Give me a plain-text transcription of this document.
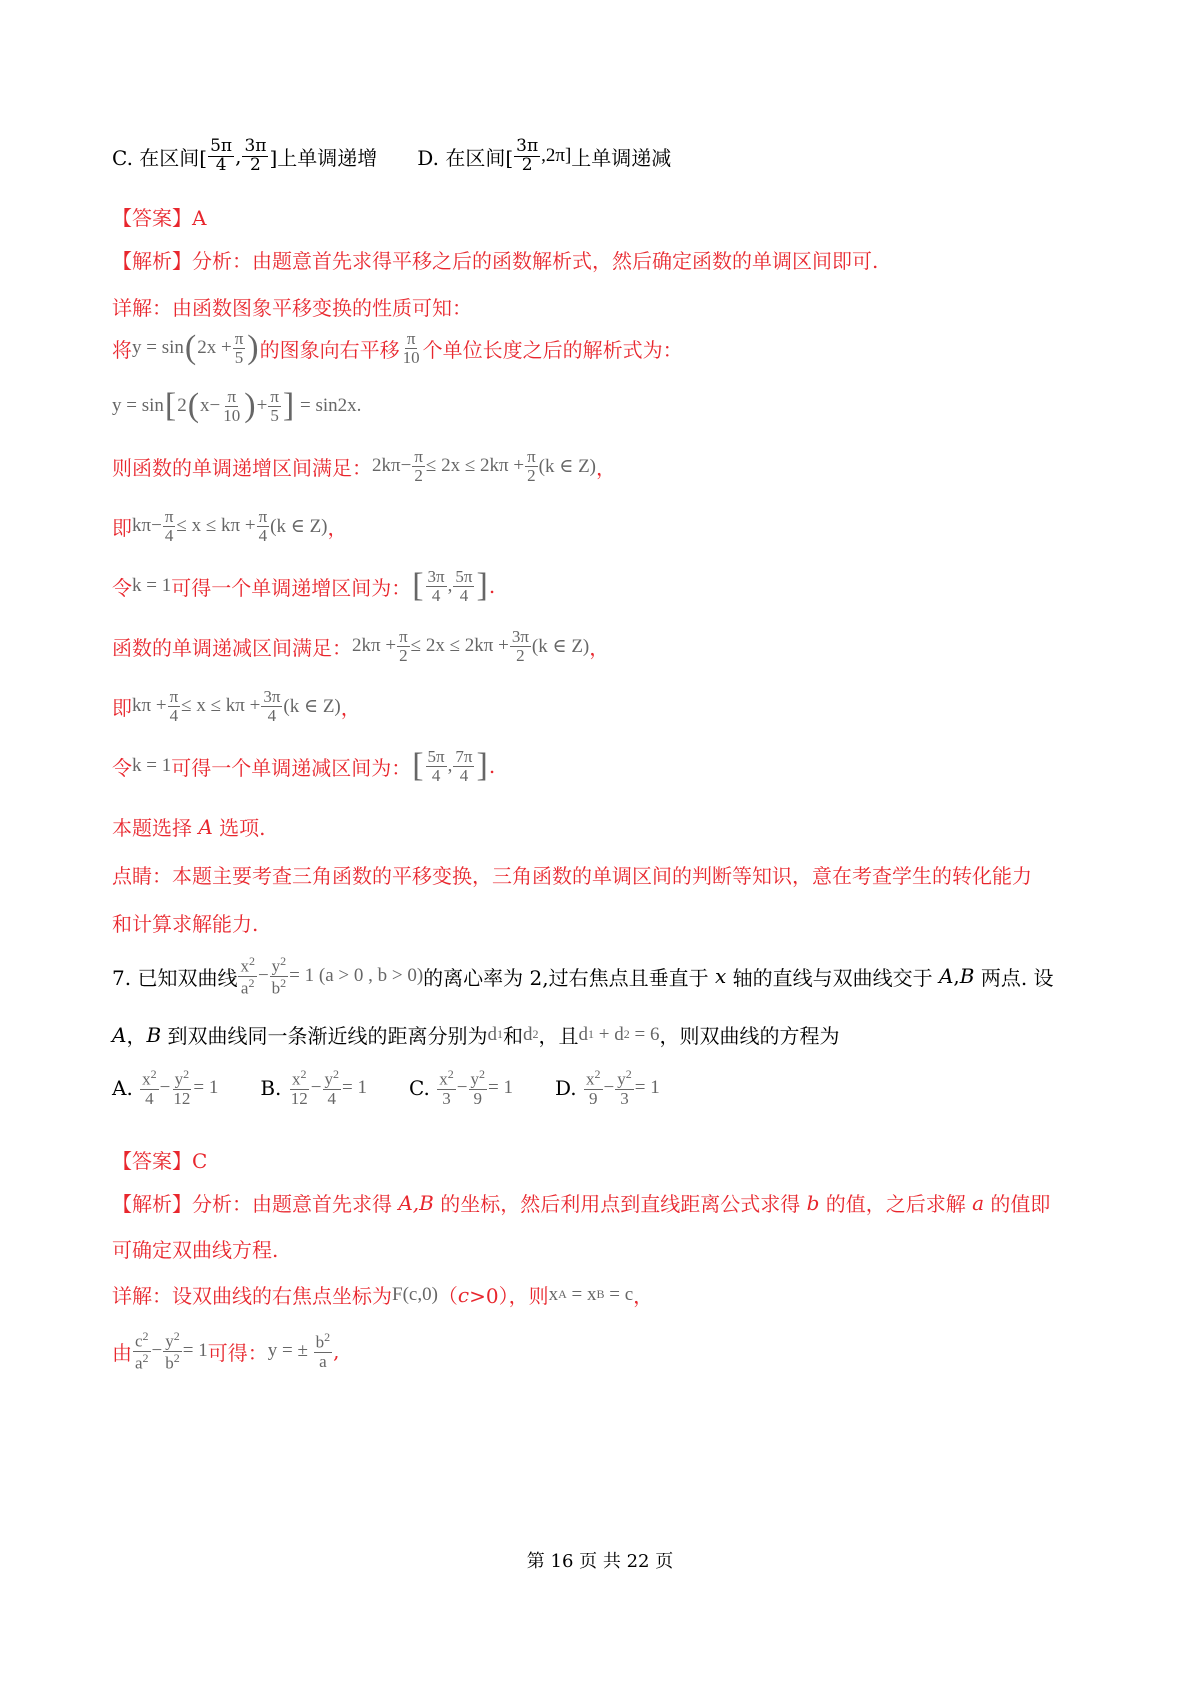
C. 在区间[ $\frac{5\pi}{4}$ , $\frac{3\pi}{2}$ ]上单调递增 D. 在区间[ $\frac{3\pi}{2} ,2\pi$] 上单调递减
【答案】A
【解析】 分析：由题意首先求得平移之后的函数解析式，然后确定函数的单调区间即可.
详解：由函数图象平移变换的性质可知：
将 y = sin ( $2x + \frac{\pi}{5}$ ) 的图象向右平移 $\frac{\pi}{10}$ 个单位长度之后的解析式为：
y = sin [ 2 ( $x- \frac{\pi}{10}$ ) + $\frac{\pi}{5}$ ]
= sin2x.
则函数的单调递增区间满足： $2k\pi- \frac{\pi}{2} \le 2x \le 2k\pi + \frac{\pi}{2} (k$ ∈ Z) ，
即 $k\pi- \frac{\pi}{4} \le x \le k\pi + \frac{\pi}{4} (k$ ∈ Z) ，
令 k = 1 可得一个单调递增区间为： [ $\frac{3\pi}{4}$ , $\frac{5\pi}{4}$ ] .
函数的单调递减区间满足： $2k\pi + \frac{\pi}{2} \le 2x \le 2k\pi + \frac{3\pi}{2} (k$ ∈ Z) ，
即 $k\pi + \frac{\pi}{4} \le x \le k\pi + \frac{3\pi}{4} (k$ ∈ Z) ，
令 k = 1 可得一个单调递减区间为： [ $\frac{5\pi}{4}$ , $\frac{7\pi}{4}$ ] .
本题选择
A
选项.
点睛：本题主要考查三角函数的平移变换，三角函数的单调区间的判断等知识，意在考查学生的转化能力
和计算求解能力.
7. 已知双曲线 $\frac{x^2}{a^2} - \frac{y^2}{b^2} = 1$ (a > 0 , b > 0) 的离心率为 2,过右焦点且垂直于
x
轴的直线与双曲线交于
A , B
两点. 设
A ， B
到双曲线同一条渐近线的距离分别为 d 1 和 d 2 ，且 d 1
+ d 2
= 6 ，则双曲线的方程为
A.
$\frac{x^2}{4} - \frac{y^2}{12} = 1$ B.
$\frac{x^2}{12} - \frac{y^2}{4} = 1$ C.
$\frac{x^2}{3} - \frac{y^2}{9} = 1$ D.
$\frac{x^2}{9} - \frac{y^2}{3} = 1$
【答案】C
【解析】 分析：由题意首先求得
A,B
的坐标，然后利用点到直线距离公式求得
b
的值，之后求解
a
的值即
可确定双曲线方程.
详解：设双曲线的右焦点坐标为 F(c,0) （ c >0），则 x A
=
x B
= c ，
由 $\frac{c^2}{a^2} - \frac{y^2}{b^2} = 1$ 可得： y = ±
$\frac{b^2}{a}$ ,
第 16 页 共 22 页
